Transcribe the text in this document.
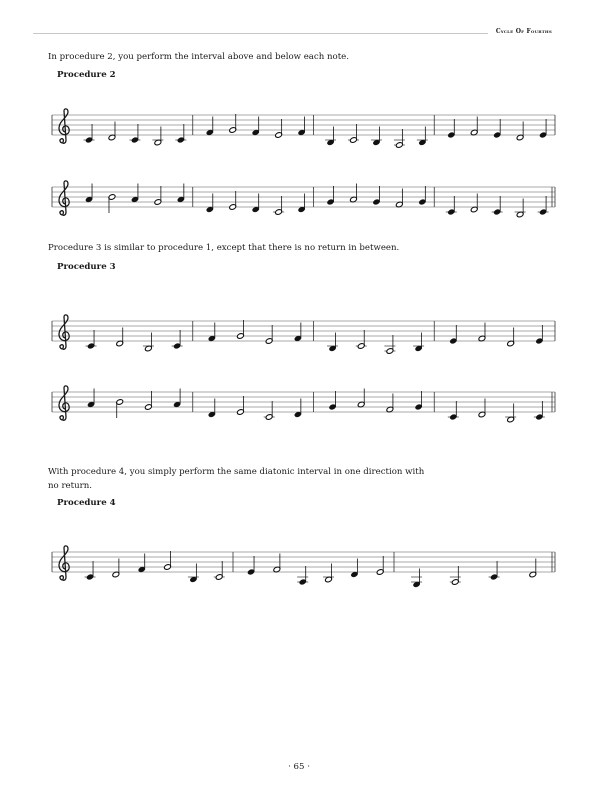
Cycle Of Fourths
In procedure 2, you perform the interval above and below each note.
Procedure 2
Procedure 3 is similar to procedure 1, except that there is no return in between.
Procedure 3
With procedure 4, you simply perform the same diatonic interval in one direction with no return.
Procedure 4
· 65 ·
